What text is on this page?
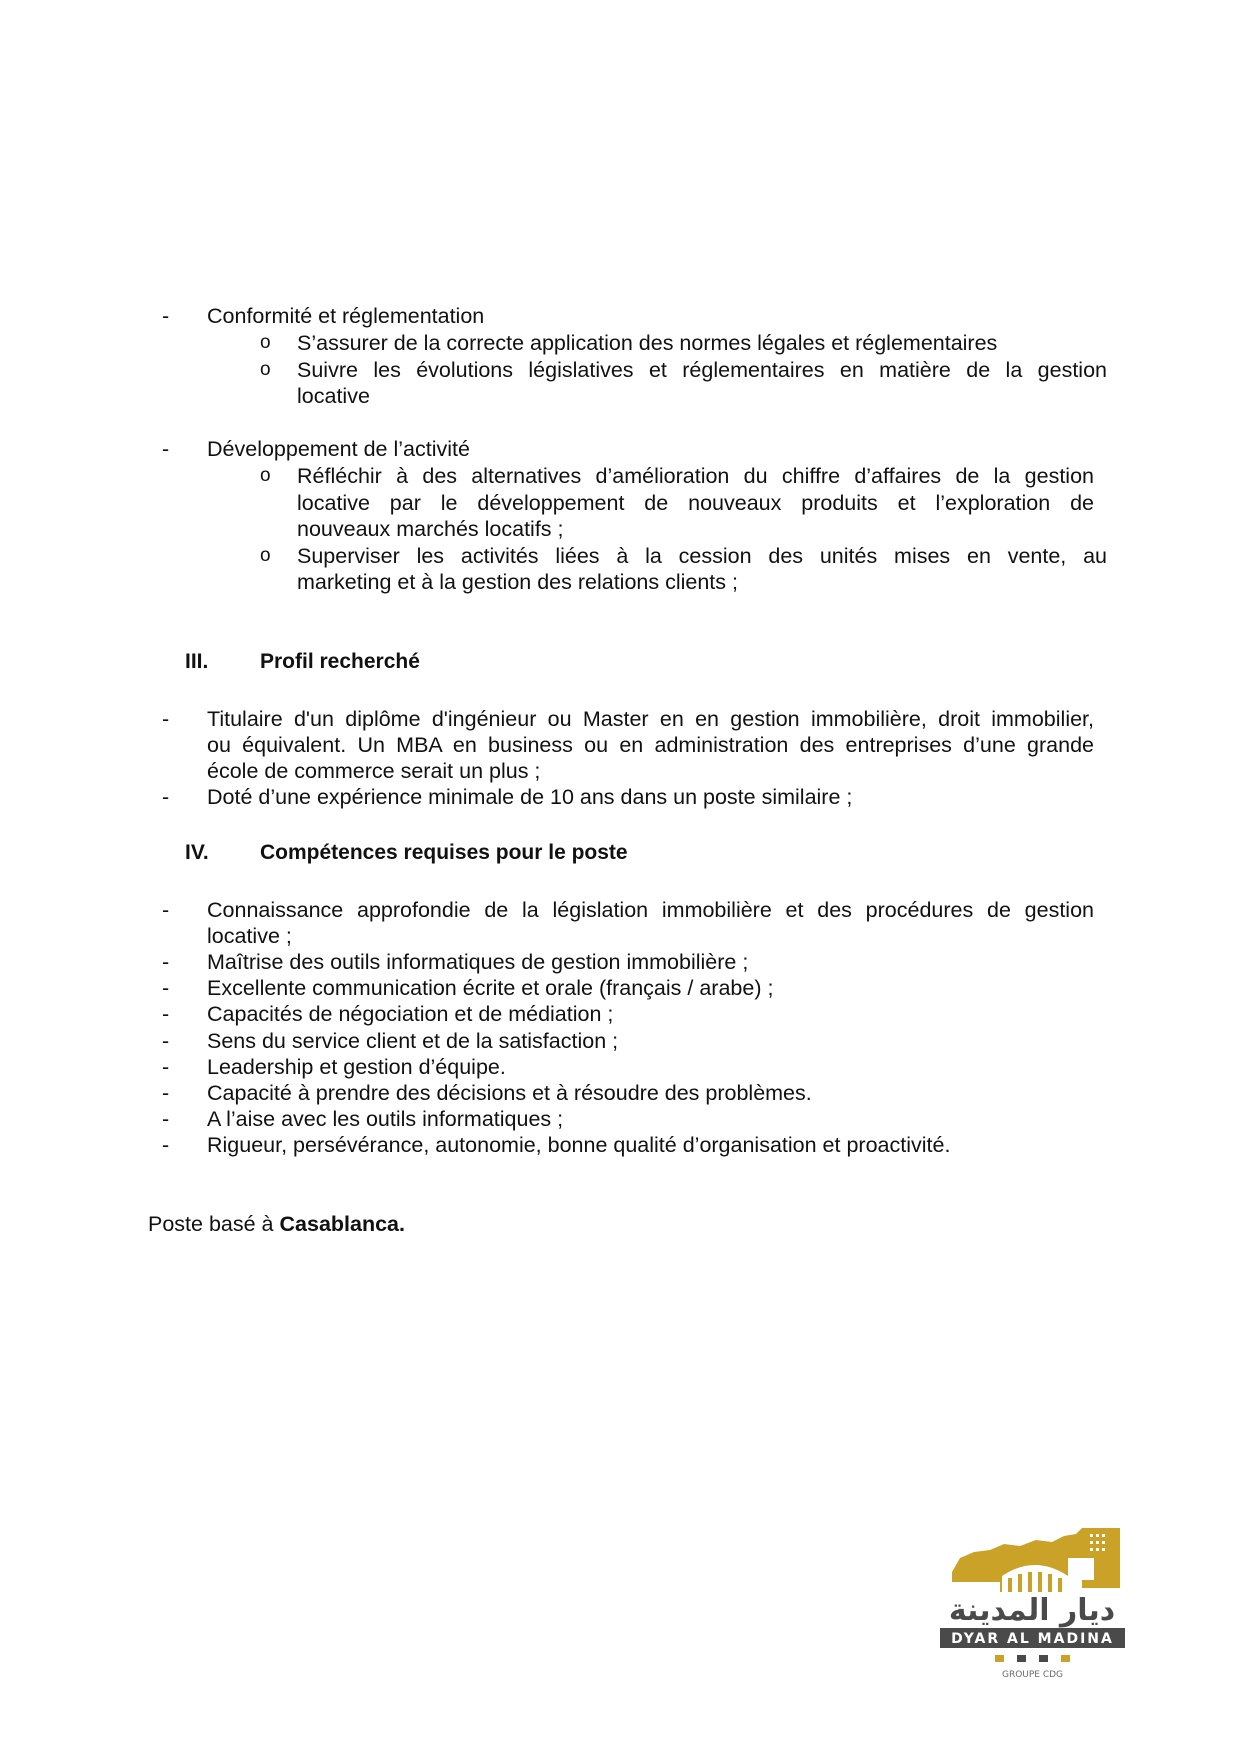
- Conformité et réglementation
o S’assurer de la correcte application des normes légales et réglementaires
o Suivre les évolutions législatives et réglementaires en matière de la gestion
locative
- Développement de l’activité
o Réfléchir à des alternatives d’amélioration du chiffre d’affaires de la gestion
locative par le développement de nouveaux produits et l’exploration de
nouveaux marchés locatifs ;
o Superviser les activités liées à la cession des unités mises en vente, au
marketing et à la gestion des relations clients ;
III. Profil recherché
- Titulaire d'un diplôme d'ingénieur ou Master en en gestion immobilière, droit immobilier,
ou équivalent. Un MBA en business ou en administration des entreprises d’une grande
école de commerce serait un plus ;
- Doté d’une expérience minimale de 10 ans dans un poste similaire ;
IV. Compétences requises pour le poste
- Connaissance approfondie de la législation immobilière et des procédures de gestion
locative ;
- Maîtrise des outils informatiques de gestion immobilière ;
- Excellente communication écrite et orale (français / arabe) ;
- Capacités de négociation et de médiation ;
- Sens du service client et de la satisfaction ;
- Leadership et gestion d’équipe.
- Capacité à prendre des décisions et à résoudre des problèmes.
- A l’aise avec les outils informatiques ;
- Rigueur, persévérance, autonomie, bonne qualité d’organisation et proactivité.
Poste basé à Casablanca.
ديار المدينة
DYAR AL MADINA
GROUPE CDG
